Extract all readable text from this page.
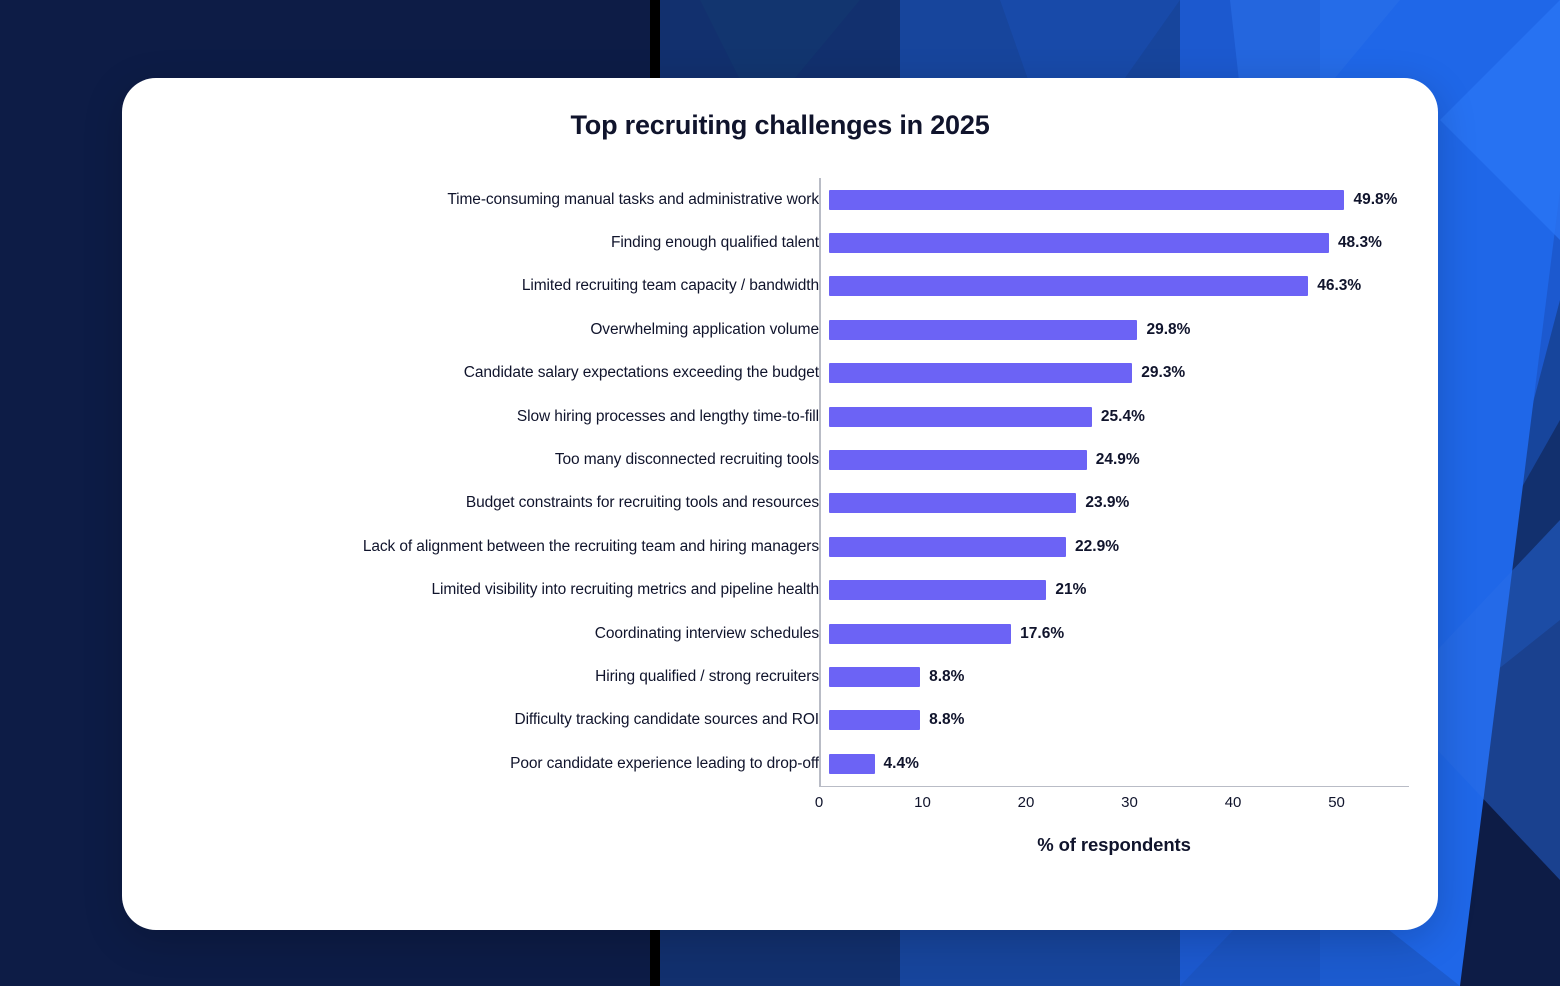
Top recruiting challenges in 2025
Time-consuming manual tasks and administrative work	49.8%
Finding enough qualified talent	48.3%
Limited recruiting team capacity / bandwidth	46.3%
Overwhelming application volume	29.8%
Candidate salary expectations exceeding the budget	29.3%
Slow hiring processes and lengthy time-to-fill	25.4%
Too many disconnected recruiting tools	24.9%
Budget constraints for recruiting tools and resources	23.9%
Lack of alignment between the recruiting team and hiring managers	22.9%
Limited visibility into recruiting metrics and pipeline health	21%
Coordinating interview schedules	17.6%
Hiring qualified / strong recruiters	8.8%
Difficulty tracking candidate sources and ROI	8.8%
Poor candidate experience leading to drop-off	4.4%
0	10	20	30	40	50
% of respondents
